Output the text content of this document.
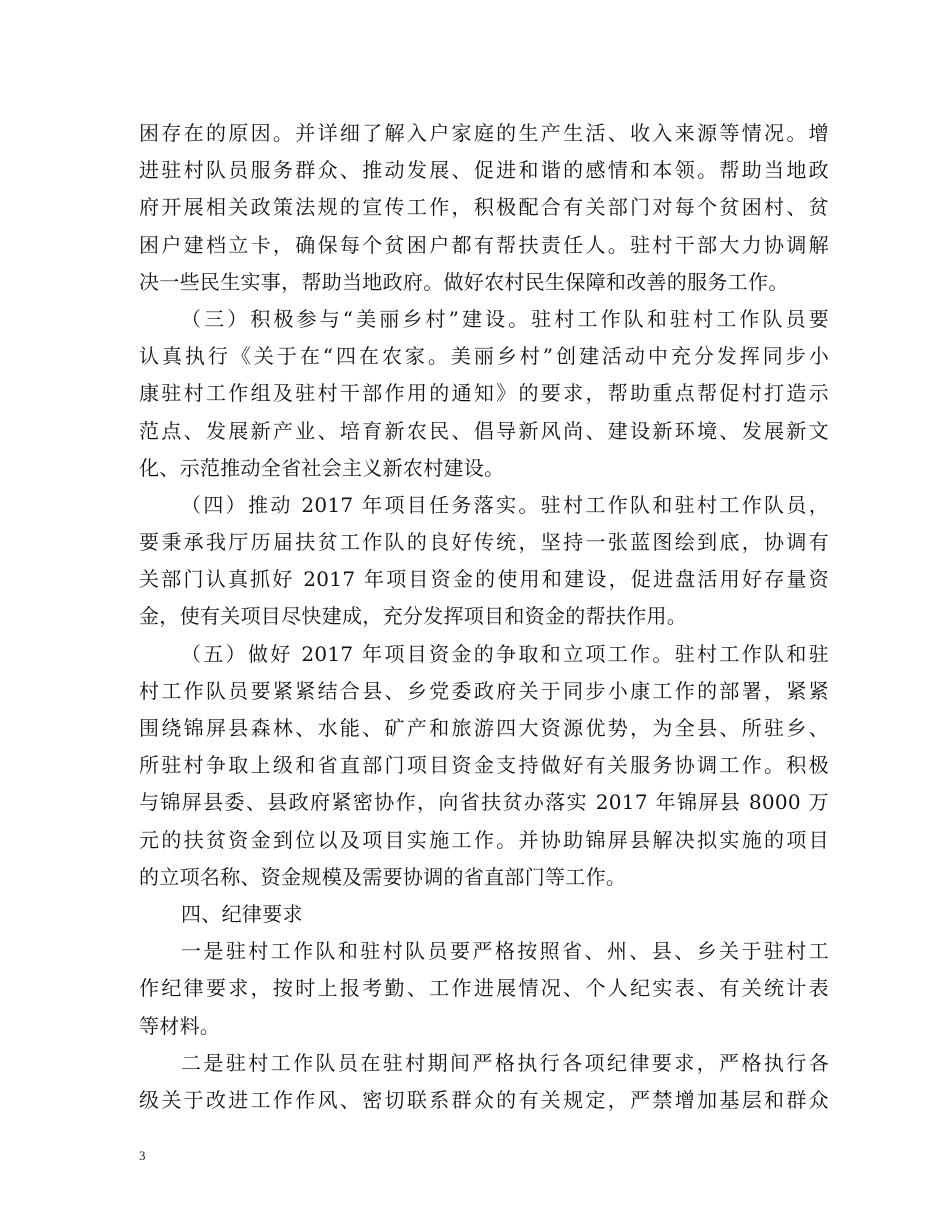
困存在的原因。并详细了解入户家庭的生产生活、收入来源等情况。增
进驻村队员服务群众、推动发展、促进和谐的感情和本领。帮助当地政
府开展相关政策法规的宣传工作，积极配合有关部门对每个贫困村、贫
困户建档立卡，确保每个贫困户都有帮扶责任人。驻村干部大力协调解
决一些民生实事，帮助当地政府。做好农村民生保障和改善的服务工作。
（三）积极参与“美丽乡村”建设。驻村工作队和驻村工作队员要
认真执行《关于在“四在农家。美丽乡村”创建活动中充分发挥同步小
康驻村工作组及驻村干部作用的通知》的要求，帮助重点帮促村打造示
范点、发展新产业、培育新农民、倡导新风尚、建设新环境、发展新文
化、示范推动全省社会主义新农村建设。
（四）推动 2017 年项目任务落实。驻村工作队和驻村工作队员，
要秉承我厅历届扶贫工作队的良好传统，坚持一张蓝图绘到底，协调有
关部门认真抓好 2017 年项目资金的使用和建设，促进盘活用好存量资
金，使有关项目尽快建成，充分发挥项目和资金的帮扶作用。
（五）做好 2017 年项目资金的争取和立项工作。驻村工作队和驻
村工作队员要紧紧结合县、乡党委政府关于同步小康工作的部署，紧紧
围绕锦屏县森林、水能、矿产和旅游四大资源优势，为全县、所驻乡、
所驻村争取上级和省直部门项目资金支持做好有关服务协调工作。积极
与锦屏县委、县政府紧密协作，向省扶贫办落实 2017 年锦屏县 8000 万
元的扶贫资金到位以及项目实施工作。并协助锦屏县解决拟实施的项目
的立项名称、资金规模及需要协调的省直部门等工作。
四、纪律要求
一是驻村工作队和驻村队员要严格按照省、州、县、乡关于驻村工
作纪律要求，按时上报考勤、工作进展情况、个人纪实表、有关统计表
等材料。
二是驻村工作队员在驻村期间严格执行各项纪律要求，严格执行各
级关于改进工作作风、密切联系群众的有关规定，严禁增加基层和群众
3
